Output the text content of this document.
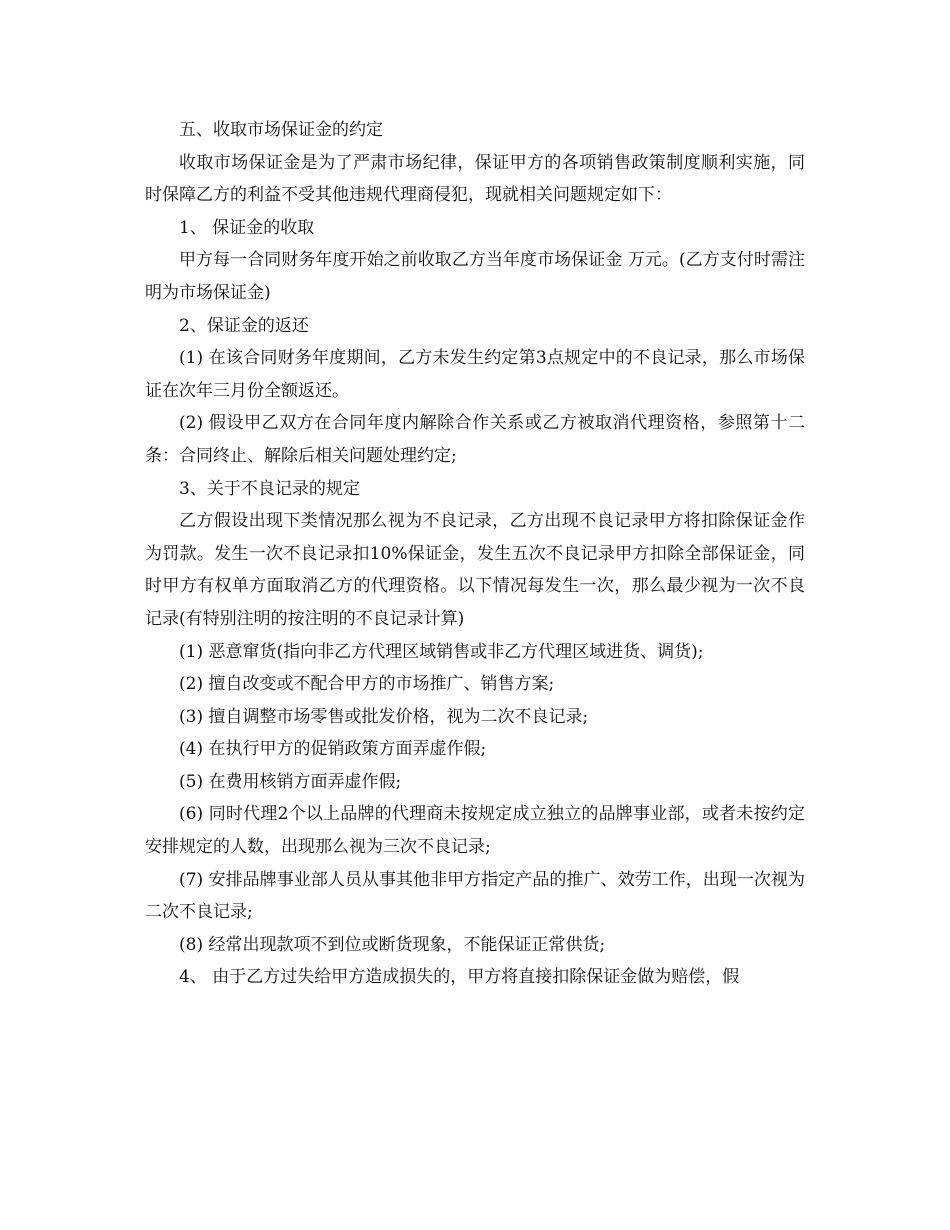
五、收取市场保证金的约定

收取市场保证金是为了严肃市场纪律，保证甲方的各项销售政策制度顺利实施，同时保障乙方的利益不受其他违规代理商侵犯，现就相关问题规定如下：

1、 保证金的收取

甲方每一合同财务年度开始之前收取乙方当年度市场保证金 万元。(乙方支付时需注明为市场保证金)

2、保证金的返还

(1) 在该合同财务年度期间，乙方未发生约定第3点规定中的不良记录，那么市场保证在次年三月份全额返还。

(2) 假设甲乙双方在合同年度内解除合作关系或乙方被取消代理资格，参照第十二条：合同终止、解除后相关问题处理约定;

3、关于不良记录的规定

乙方假设出现下类情况那么视为不良记录，乙方出现不良记录甲方将扣除保证金作为罚款。发生一次不良记录扣10%保证金，发生五次不良记录甲方扣除全部保证金，同时甲方有权单方面取消乙方的代理资格。以下情况每发生一次，那么最少视为一次不良记录(有特别注明的按注明的不良记录计算)

(1) 恶意窜货(指向非乙方代理区域销售或非乙方代理区域进货、调货);

(2) 擅自改变或不配合甲方的市场推广、销售方案;

(3) 擅自调整市场零售或批发价格，视为二次不良记录;

(4) 在执行甲方的促销政策方面弄虚作假;

(5) 在费用核销方面弄虚作假;

(6) 同时代理2个以上品牌的代理商未按规定成立独立的品牌事业部，或者未按约定安排规定的人数，出现那么视为三次不良记录;

(7) 安排品牌事业部人员从事其他非甲方指定产品的推广、效劳工作，出现一次视为二次不良记录;

(8) 经常出现款项不到位或断货现象，不能保证正常供货;

4、 由于乙方过失给甲方造成损失的，甲方将直接扣除保证金做为赔偿，假
